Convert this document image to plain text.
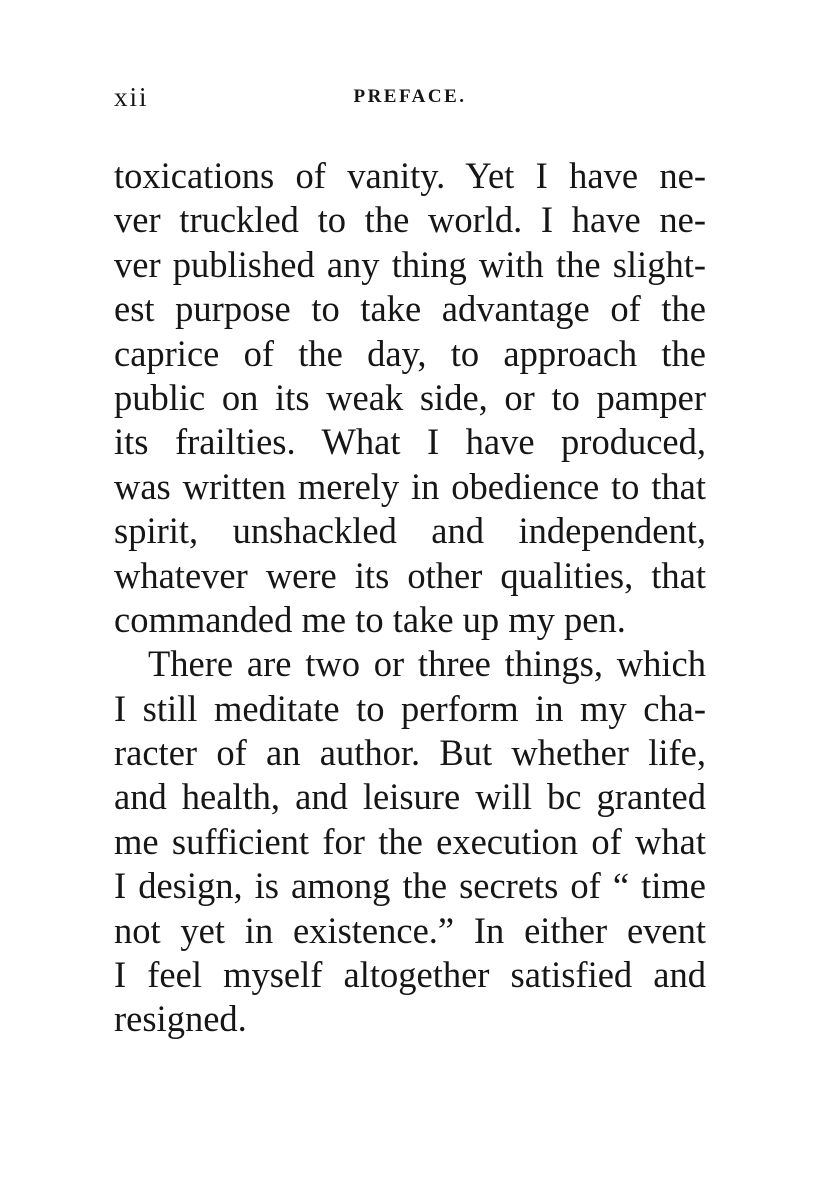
xii	PREFACE.
toxications of vanity. Yet I have ne-
ver truckled to the world. I have ne-
ver published any thing with the slight-
est purpose to take advantage of the
caprice of the day, to approach the
public on its weak side, or to pamper
its frailties. What I have produced,
was written merely in obedience to that
spirit, unshackled and independent,
whatever were its other qualities, that
commanded me to take up my pen.
There are two or three things, which
I still meditate to perform in my cha-
racter of an author. But whether life,
and health, and leisure will bc granted
me sufficient for the execution of what
I design, is among the secrets of “ time
not yet in existence.” In either event
I feel myself altogether satisfied and
resigned.
